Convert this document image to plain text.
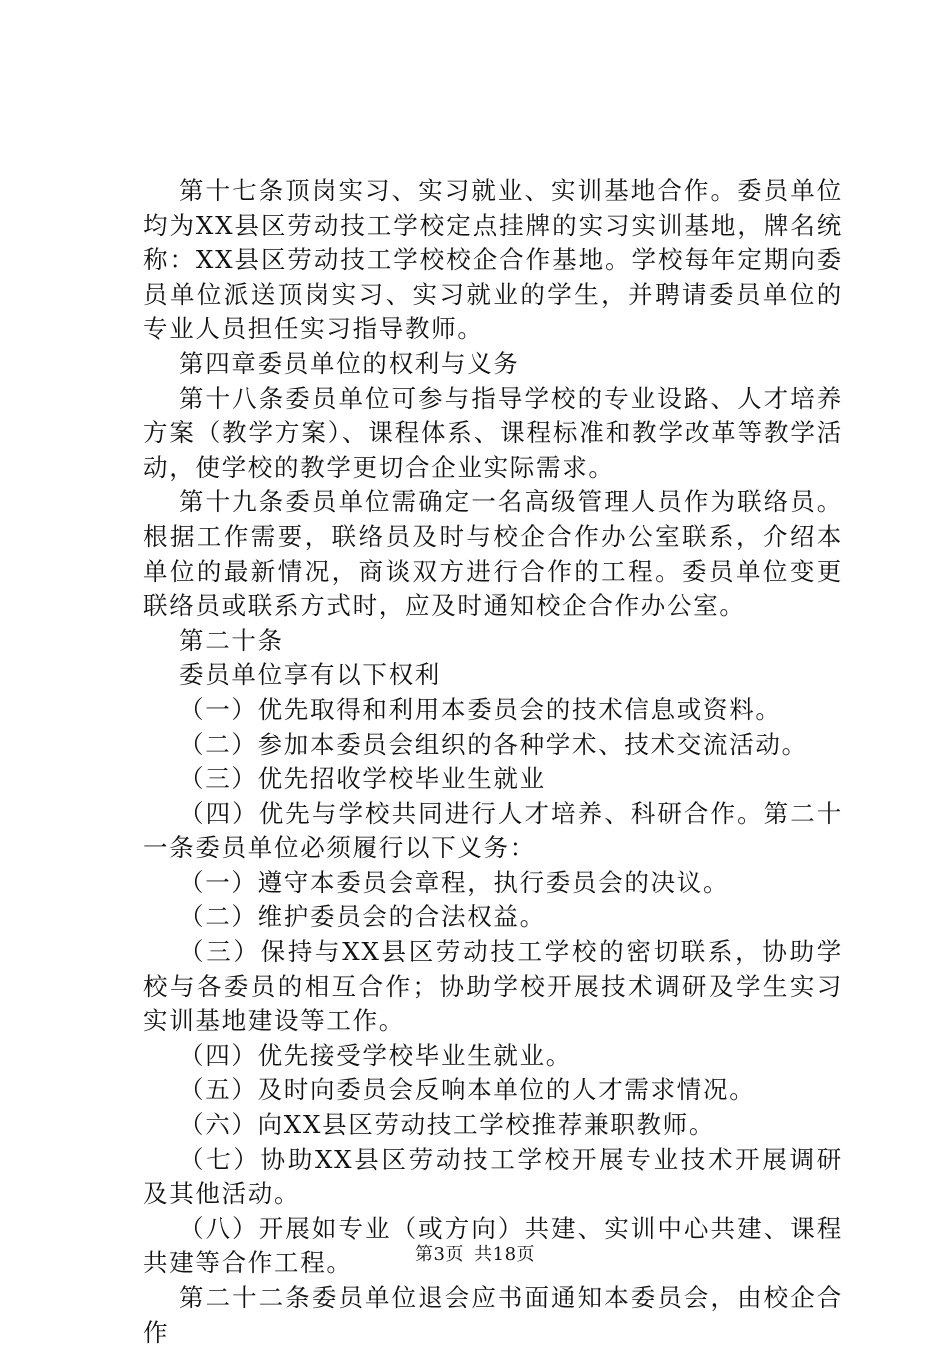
第十七条顶岗实习、实习就业、实训基地合作。委员单位均为XX县区劳动技工学校定点挂牌的实习实训基地，牌名统称：XX县区劳动技工学校校企合作基地。学校每年定期向委员单位派送顶岗实习、实习就业的学生，并聘请委员单位的专业人员担任实习指导教师。

第四章委员单位的权利与义务

第十八条委员单位可参与指导学校的专业设路、人才培养方案（教学方案）、课程体系、课程标准和教学改革等教学活动，使学校的教学更切合企业实际需求。

第十九条委员单位需确定一名高级管理人员作为联络员。根据工作需要，联络员及时与校企合作办公室联系，介绍本单位的最新情况，商谈双方进行合作的工程。委员单位变更联络员或联系方式时，应及时通知校企合作办公室。

第二十条

委员单位享有以下权利

（一）优先取得和利用本委员会的技术信息或资料。

（二）参加本委员会组织的各种学术、技术交流活动。

（三）优先招收学校毕业生就业

（四）优先与学校共同进行人才培养、科研合作。第二十一条委员单位必须履行以下义务：

（一）遵守本委员会章程，执行委员会的决议。

（二）维护委员会的合法权益。

（三）保持与XX县区劳动技工学校的密切联系，协助学校与各委员的相互合作；协助学校开展技术调研及学生实习实训基地建设等工作。

（四）优先接受学校毕业生就业。

（五）及时向委员会反响本单位的人才需求情况。

（六）向XX县区劳动技工学校推荐兼职教师。

（七）协助XX县区劳动技工学校开展专业技术开展调研及其他活动。

（八）开展如专业（或方向）共建、实训中心共建、课程共建等合作工程。

第二十二条委员单位退会应书面通知本委员会，由校企合作

第3页 共18页
